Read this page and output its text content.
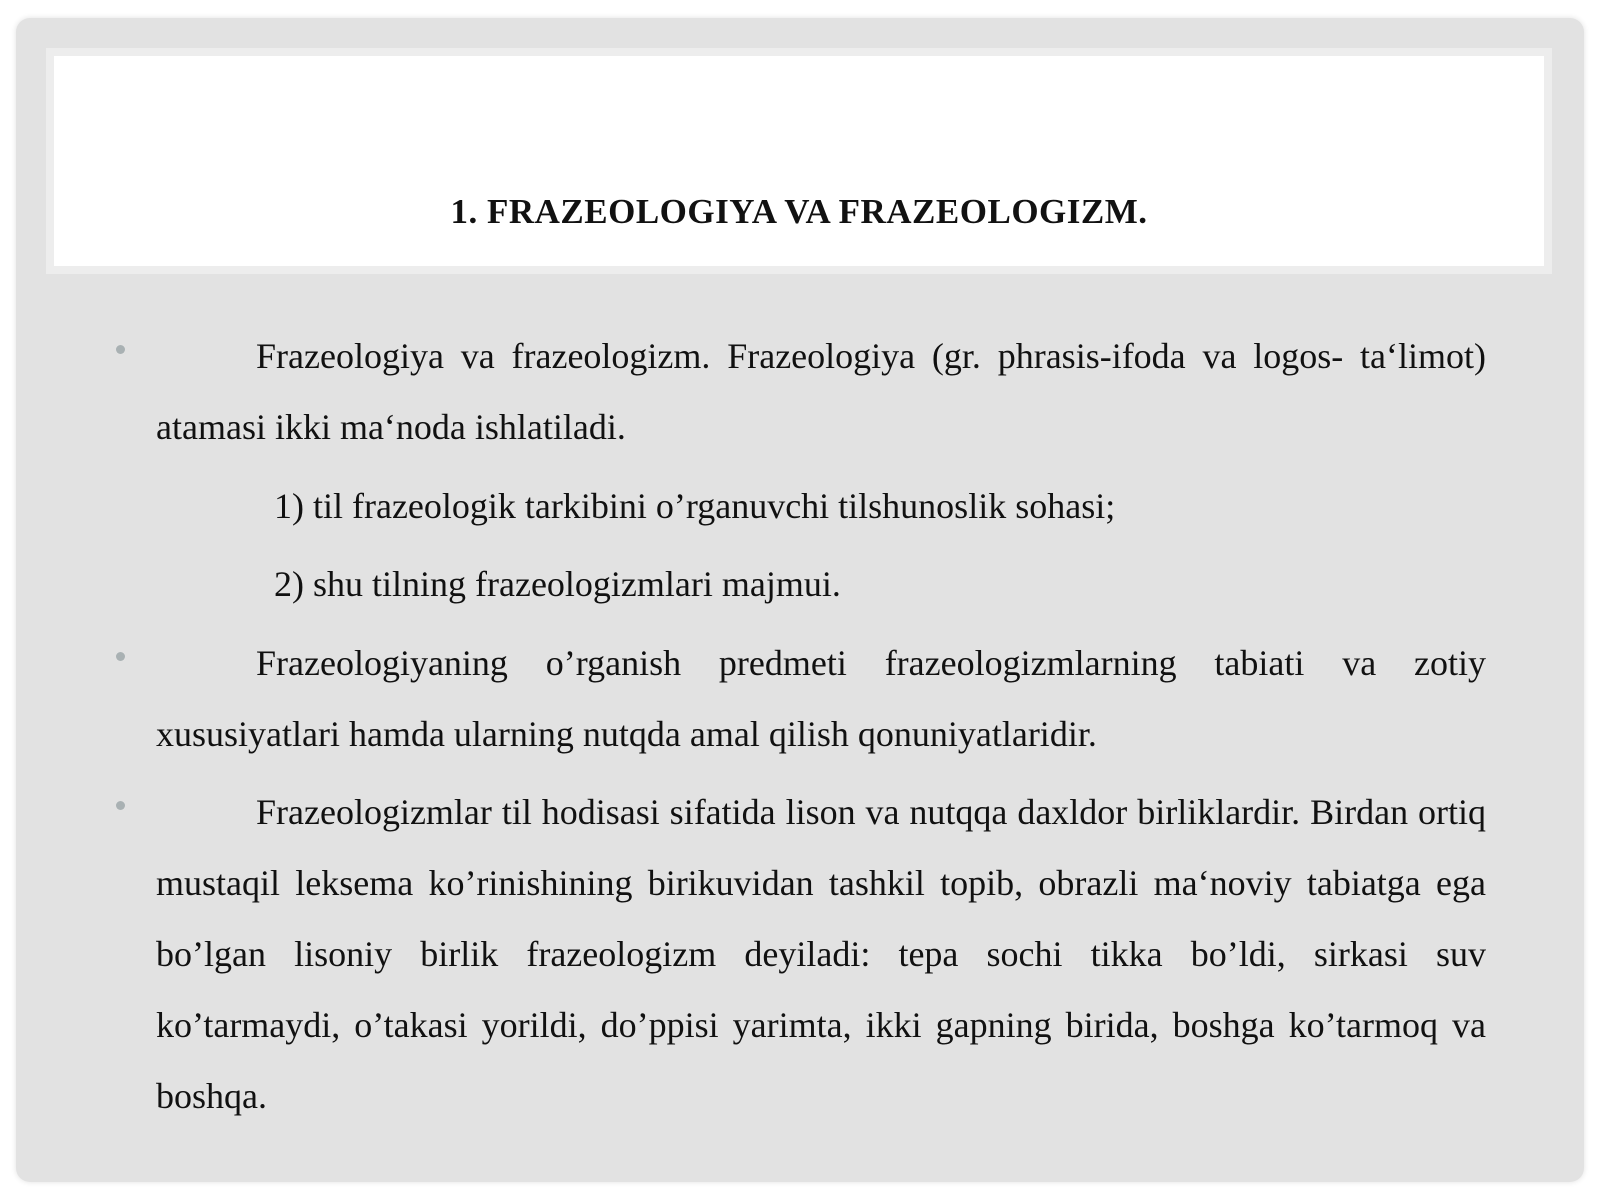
1. FRAZEOLOGIYA VA FRAZEOLOGIZM.

Frazeologiya va frazeologizm. Frazeologiya (gr. phrasis-ifoda va logos- ta‘limot) atamasi ikki ma‘noda ishlatiladi.

1) til frazeologik tarkibini o’rganuvchi tilshunoslik sohasi;

2) shu tilning frazeologizmlari majmui.

Frazeologiyaning o’rganish predmeti frazeologizmlarning tabiati va zotiy xususiyatlari hamda ularning nutqda amal qilish qonuniyatlaridir.

Frazeologizmlar til hodisasi sifatida lison va nutqqa daxldor birliklardir. Birdan ortiq mustaqil leksema ko’rinishining birikuvidan tashkil topib, obrazli ma‘noviy tabiatga ega bo’lgan lisoniy birlik frazeologizm deyiladi: tepa sochi tikka bo’ldi, sirkasi suv ko’tarmaydi, o’takasi yorildi, do’ppisi yarimta, ikki gapning birida, boshga ko’tarmoq va boshqa.
